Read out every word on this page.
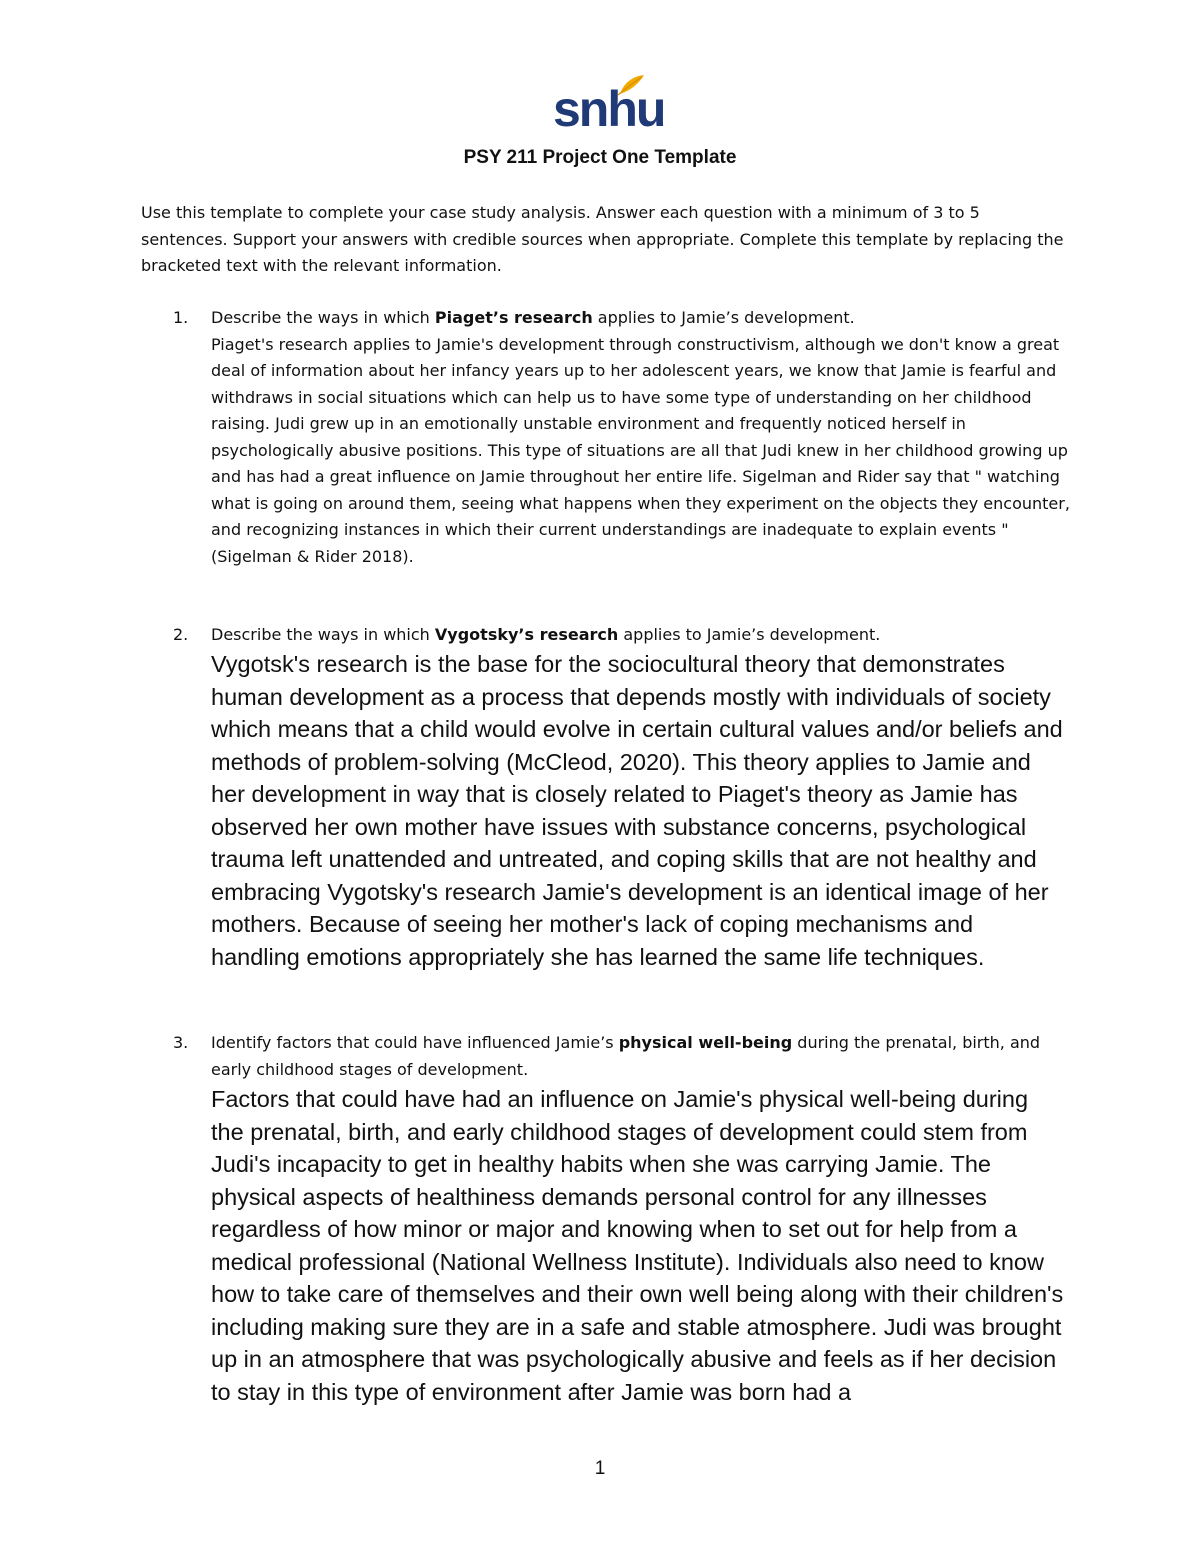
snhu
PSY 211 Project One Template
Use this template to complete your case study analysis. Answer each question with a minimum of 3 to 5 sentences. Support your answers with credible sources when appropriate. Complete this template by replacing the bracketed text with the relevant information.
1.	Describe the ways in which Piaget’s research applies to Jamie’s development.
Piaget's research applies to Jamie's development through constructivism, although we don't know a great deal of information about her infancy years up to her adolescent years, we know that Jamie is fearful and withdraws in social situations which can help us to have some type of understanding on her childhood raising. Judi grew up in an emotionally unstable environment and frequently noticed herself in psychologically abusive positions. This type of situations are all that Judi knew in her childhood growing up and has had a great influence on Jamie throughout her entire life. Sigelman and Rider say that " watching what is going on around them, seeing what happens when they experiment on the objects they encounter, and recognizing instances in which their current understandings are inadequate to explain events " (Sigelman & Rider 2018).
2.	Describe the ways in which Vygotsky’s research applies to Jamie’s development.
Vygotsk's research is the base for the sociocultural theory that demonstrates human development as a process that depends mostly with individuals of society which means that a child would evolve in certain cultural values and/or beliefs and methods of problem-solving (McCleod, 2020). This theory applies to Jamie and her development in way that is closely related to Piaget's theory as Jamie has observed her own mother have issues with substance concerns, psychological trauma left unattended and untreated, and coping skills that are not healthy and embracing Vygotsky's research Jamie's development is an identical image of her mothers. Because of seeing her mother's lack of coping mechanisms and handling emotions appropriately she has learned the same life techniques.
3.	Identify factors that could have influenced Jamie’s physical well-being during the prenatal, birth, and early childhood stages of development.
Factors that could have had an influence on Jamie's physical well-being during the prenatal, birth, and early childhood stages of development could stem from Judi's incapacity to get in healthy habits when she was carrying Jamie. The physical aspects of healthiness demands personal control for any illnesses regardless of how minor or major and knowing when to set out for help from a medical professional (National Wellness Institute). Individuals also need to know how to take care of themselves and their own well being along with their children's including making sure they are in a safe and stable atmosphere. Judi was brought up in an atmosphere that was psychologically abusive and feels as if her decision to stay in this type of environment after Jamie was born had a
1
